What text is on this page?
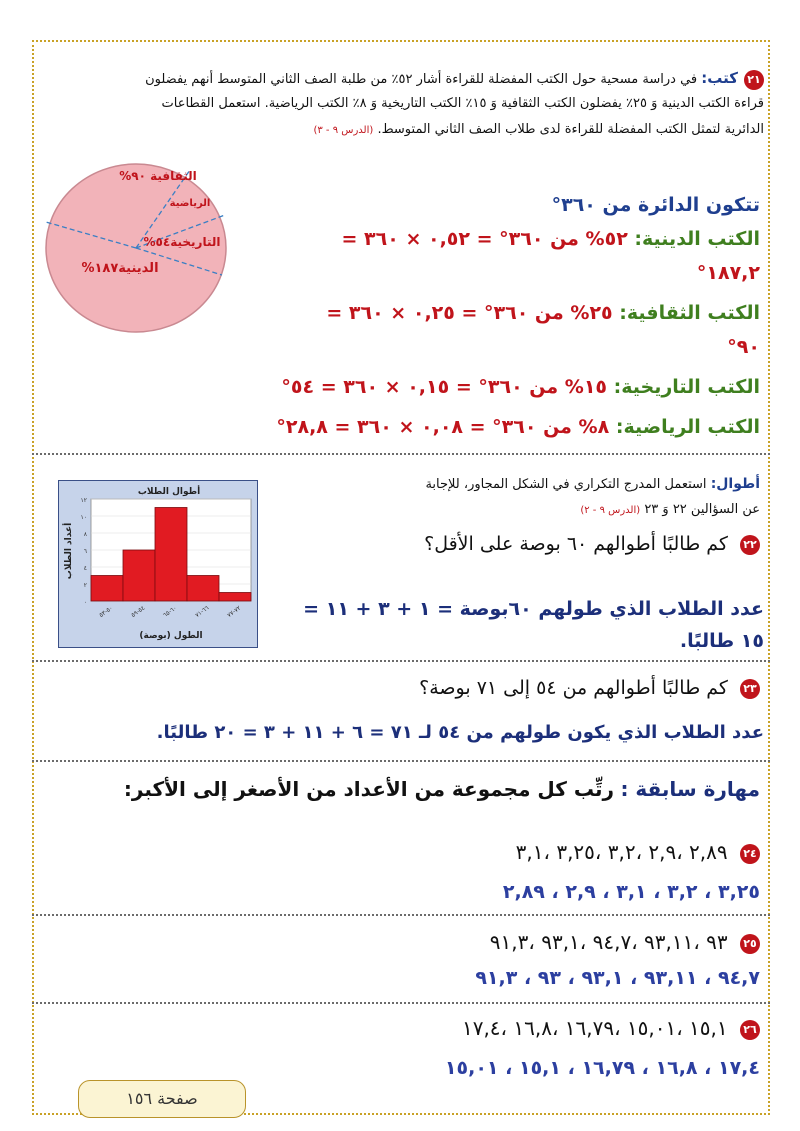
٢١كتب: في دراسة مسحية حول الكتب المفضلة للقراءة أشار ٥٢٪ من طلبة الصف الثاني المتوسط أنهم يفضلون
قراءة الكتب الدينية وَ ٢٥٪ يفضلون الكتب الثقافية وَ ١٥٪ الكتب التاريخية وَ ٨٪ الكتب الرياضية. استعمل القطاعات
الدائرية لتمثل الكتب المفضلة للقراءة لدى طلاب الصف الثاني المتوسط. (الدرس ٩ - ٣)
الثقافية ٩٠%
الرياضية
التاريخية٥٤%
الدينية١٨٧%
تتكون الدائرة من ٣٦٠°
الكتب الدينية: ٥٢% من ٣٦٠° = ٠,٥٢ × ٣٦٠ =
١٨٧,٢°
الكتب الثقافية: ٢٥% من ٣٦٠° = ٠,٢٥ × ٣٦٠ =
٩٠°
الكتب التاريخية: ١٥% من ٣٦٠° = ٠,١٥ × ٣٦٠ = ٥٤°
الكتب الرياضية: ٨% من ٣٦٠° = ٠,٠٨ × ٣٦٠ = ٢٨,٨°
أطوال: استعمل المدرج التكراري في الشكل المجاور، للإجابة
عن السؤالين ٢٢ وَ ٢٣ (الدرس ٩ - ٢)
٢٢ كم طالبًا أطوالهم ٦٠ بوصة على الأقل؟
عدد الطلاب الذي طولهم ٦٠بوصة = ١ + ٣ + ١١ =
١٥ طالبًا.
أطوال الطلاب
الطول (بوصة)
أعداد الطلاب
٠
٢
٤
٦
٨
١٠
١٢
٥٠-٥٣
٥٤-٥٩
٦٠-٦٥
٦٦-٧١
٧٢-٧٧
٢٣ كم طالبًا أطوالهم من ٥٤ إلى ٧١ بوصة؟
عدد الطلاب الذي يكون طولهم من ٥٤ لـ ٧١ = ٦ + ١١ + ٣ = ٢٠ طالبًا.
مهارة سابقة : رتِّب كل مجموعة من الأعداد من الأصغر إلى الأكبر:
٢٤ ٢,٨٩ ،٢,٩ ،٣,٢ ،٣,٢٥ ،٣,١
٣,٢٥ ، ٣,٢ ، ٣,١ ، ٢,٩ ، ٢,٨٩
٢٥ ٩٣ ،٩٣,١١ ،٩٤,٧ ،٩٣,١ ،٩١,٣
٩٤,٧ ، ٩٣,١١ ، ٩٣,١ ، ٩٣ ، ٩١,٣
٢٦ ١٥,١ ،١٥,٠١ ،١٦,٧٩ ،١٦,٨ ،١٧,٤
١٧,٤ ، ١٦,٨ ، ١٦,٧٩ ، ١٥,١ ، ١٥,٠١
صفحة ١٥٦
